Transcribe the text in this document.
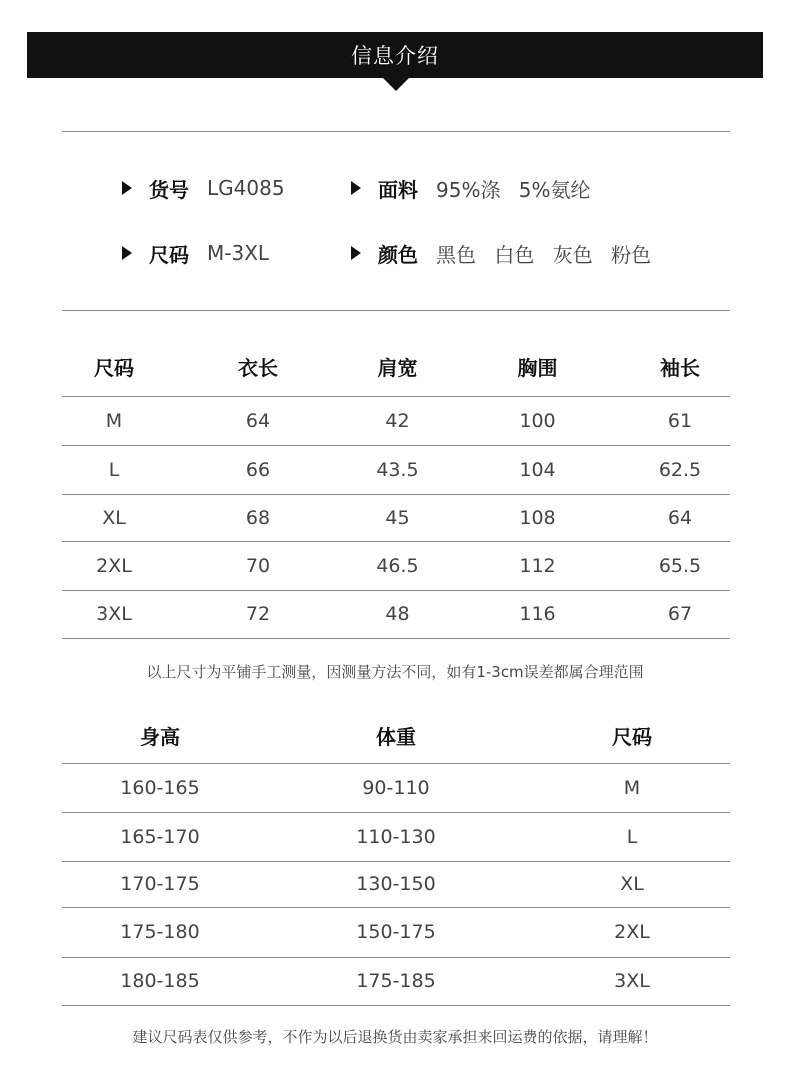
信息介绍
货号 LG4085	面料 95%涤 5%氨纶
尺码 M-3XL	颜色 黑色 白色 灰色 粉色
尺码	衣长	肩宽	胸围	袖长
M	64	42	100	61
L	66	43.5	104	62.5
XL	68	45	108	64
2XL	70	46.5	112	65.5
3XL	72	48	116	67
以上尺寸为平铺手工测量，因测量方法不同，如有1-3cm误差都属合理范围
身高	体重	尺码
160-165	90-110	M
165-170	110-130	L
170-175	130-150	XL
175-180	150-175	2XL
180-185	175-185	3XL
建议尺码表仅供参考，不作为以后退换货由卖家承担来回运费的依据，请理解！
